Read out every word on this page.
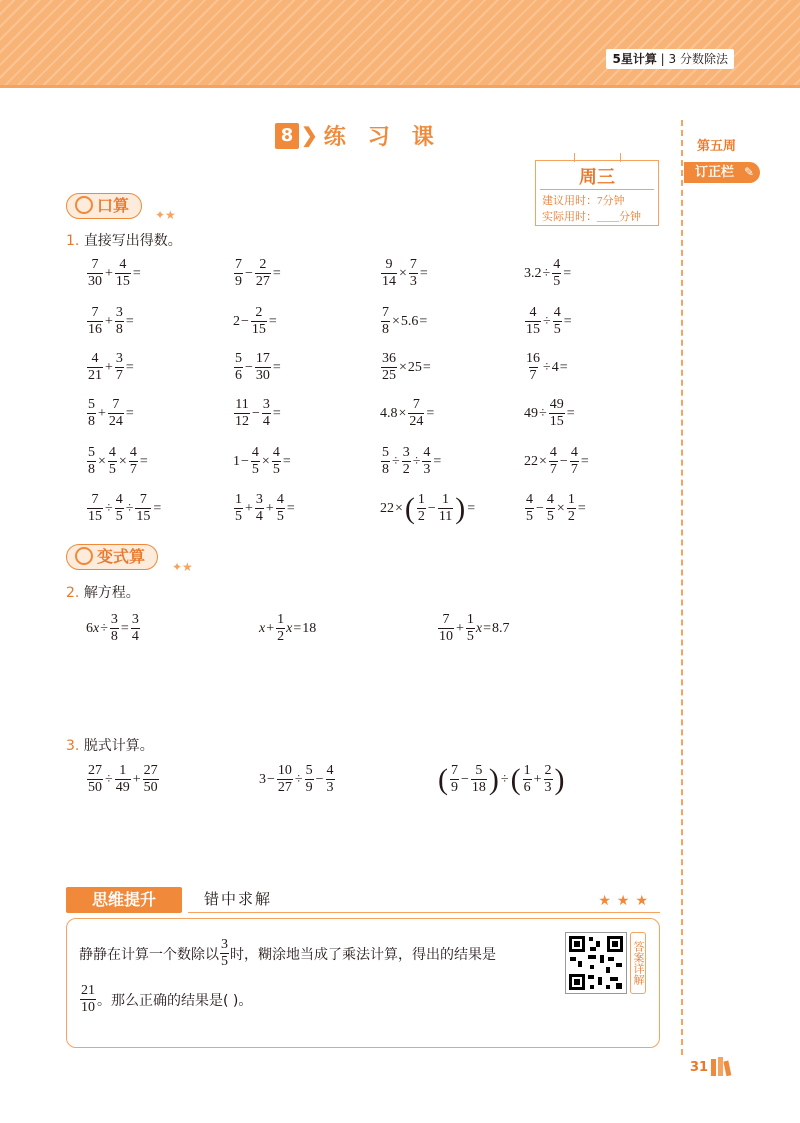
5星计算 | 3 分数除法
第五周
订正栏 ✎
8 ❯ 练习课
周三
建议用时：7分钟
实际用时：____分钟
口算	✦★
1. 直接写出得数。
$\frac{7}{30} + \frac{4}{15}$ =	$\frac{7}{9} - \frac{2}{27}$ =	$\frac{9}{14} \times \frac{7}{3}$ =	$3.2 \div \frac{4}{5}$ =
$\frac{7}{16} + \frac{3}{8}$ =	$2 - \frac{2}{15}$ =	$\frac{7}{8} \times 5.6$ =	$\frac{4}{15} \div \frac{4}{5}$ =
$\frac{4}{21} + \frac{3}{7}$ =	$\frac{5}{6} - \frac{17}{30}$ =	$\frac{36}{25} \times 25$ =	$\frac{16}{7} \div 4$ =
$\frac{5}{8} + \frac{7}{24}$ =	$\frac{11}{12} - \frac{3}{4}$ =	$4.8 \times \frac{7}{24}$ =	$49 \div \frac{49}{15}$ =
$\frac{5}{8} \times \frac{4}{5} \times \frac{4}{7}$ =	$1 - \frac{4}{5} \times \frac{4}{5}$ =	$\frac{5}{8} \div \frac{3}{2} \div \frac{4}{3}$ =	$22 \times \frac{4}{7} - \frac{4}{7}$ =
$\frac{7}{15} \div \frac{4}{5} \div \frac{7}{15}$ =	$\frac{1}{5} + \frac{3}{4} + \frac{4}{5}$ =	22 × ( $\frac{1}{2} - \frac{1}{11}$ ) =	$\frac{4}{5} - \frac{4}{5} \times \frac{1}{2}$ =
变式算
✦★
2. 解方程。
6 $x \div \frac{3}{8} = \frac{3}{4}$	$x + \frac{1}{2}$ x = 18	$\frac{7}{10} + \frac{1}{5}$ x = 8.7
3. 脱式计算。
$\frac{27}{50} \div \frac{1}{49} + \frac{27}{50}$	$3 - \frac{10}{27} \div \frac{5}{9} - \frac{4}{3}$	( $\frac{7}{9} - \frac{5}{18}$ ) ÷ ( $\frac{1}{6} + \frac{2}{3}$ )
思维提升	错中求解	★★★
静静在计算一个数除以 $\frac{3}{5}$ 时，糊涂地当成了乘法计算，得出的结果是
$\frac{21}{10}$ 。那么正确的结果是( )。
答案详解
31
